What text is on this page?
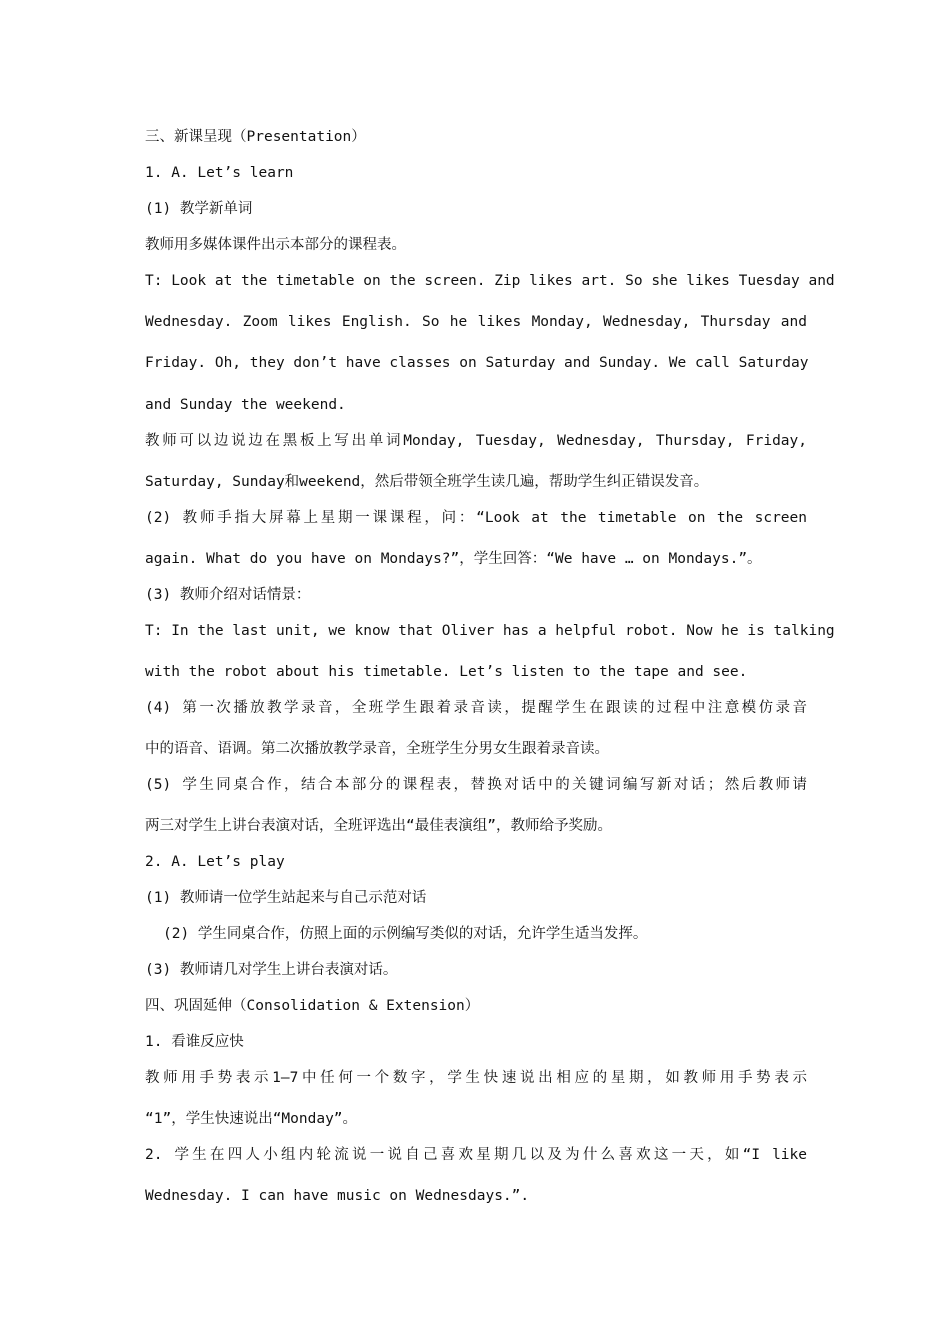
三、新课呈现（Presentation）
1. A. Let’s learn
(1) 教学新单词
教师用多媒体课件出示本部分的课程表。
T: Look at the timetable on the screen. Zip likes art. So she likes Tuesday and
Wednesday. Zoom likes English. So he likes Monday, Wednesday, Thursday and
Friday. Oh, they don’t have classes on Saturday and Sunday. We call Saturday
and Sunday the weekend.
教师可以边说边在黑板上写出单词Monday, Tuesday, Wednesday, Thursday, Friday,
Saturday, Sunday和weekend，然后带领全班学生读几遍，帮助学生纠正错误发音。
(2) 教师手指大屏幕上星期一课课程，问：“Look at the timetable on the screen
again. What do you have on Mondays?”，学生回答：“We have … on Mondays.”。
(3) 教师介绍对话情景：
T: In the last unit, we know that Oliver has a helpful robot. Now he is talking
with the robot about his timetable. Let’s listen to the tape and see.
(4) 第一次播放教学录音，全班学生跟着录音读，提醒学生在跟读的过程中注意模仿录音
中的语音、语调。第二次播放教学录音，全班学生分男女生跟着录音读。
(5) 学生同桌合作，结合本部分的课程表，替换对话中的关键词编写新对话；然后教师请
两三对学生上讲台表演对话，全班评选出“最佳表演组”，教师给予奖励。
2. A. Let’s play
(1) 教师请一位学生站起来与自己示范对话
(2) 学生同桌合作，仿照上面的示例编写类似的对话，允许学生适当发挥。
(3) 教师请几对学生上讲台表演对话。
四、巩固延伸（Consolidation & Extension）
1. 看谁反应快
教师用手势表示1—7中任何一个数字，学生快速说出相应的星期，如教师用手势表示
“1”，学生快速说出“Monday”。
2. 学生在四人小组内轮流说一说自己喜欢星期几以及为什么喜欢这一天，如“I like
Wednesday. I can have music on Wednesdays.”.
